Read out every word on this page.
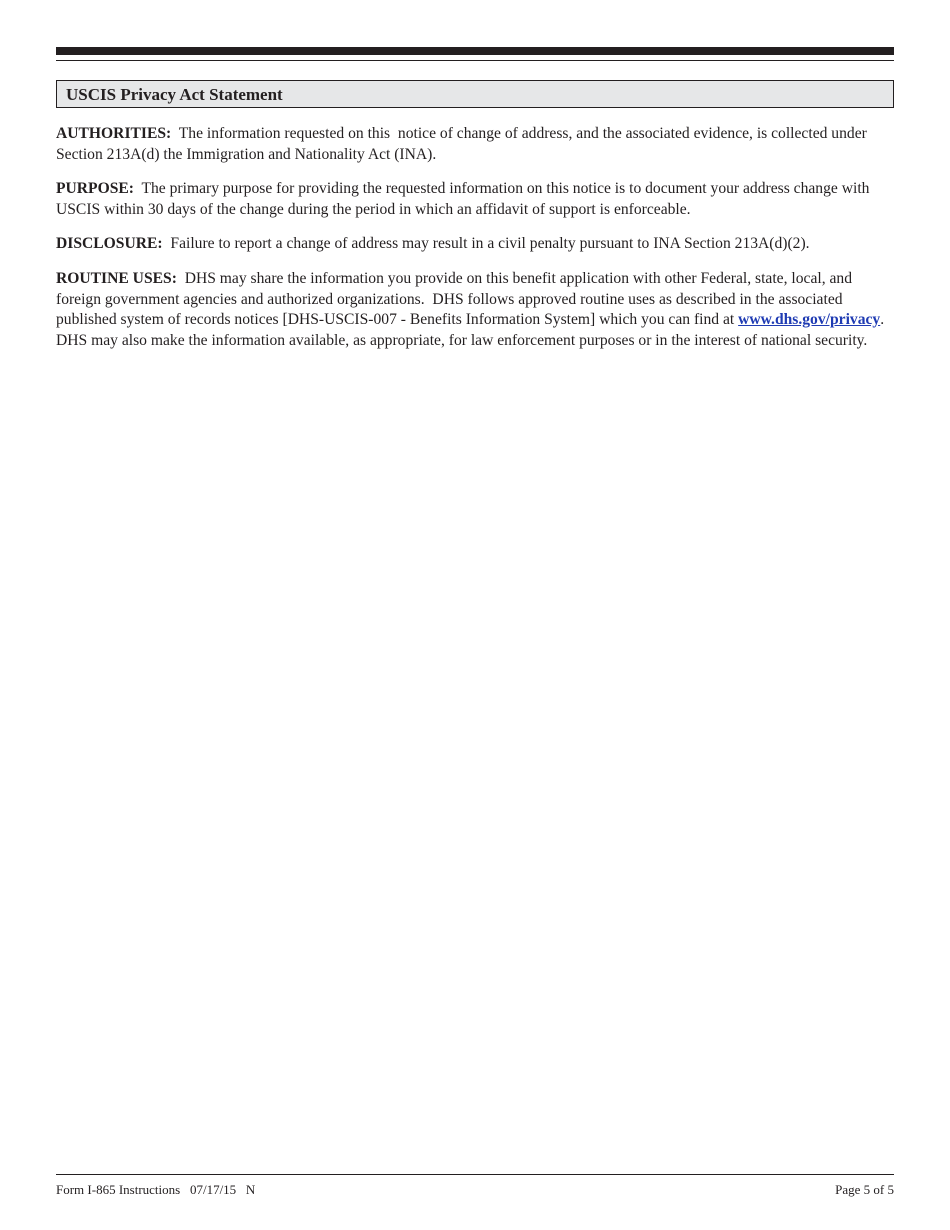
USCIS Privacy Act Statement

AUTHORITIES:  The information requested on this  notice of change of address, and the associated evidence, is collected under Section 213A(d) the Immigration and Nationality Act (INA).

PURPOSE:  The primary purpose for providing the requested information on this notice is to document your address change with USCIS within 30 days of the change during the period in which an affidavit of support is enforceable.

DISCLOSURE:  Failure to report a change of address may result in a civil penalty pursuant to INA Section 213A(d)(2).

ROUTINE USES:  DHS may share the information you provide on this benefit application with other Federal, state, local, and foreign government agencies and authorized organizations.  DHS follows approved routine uses as described in the associated published system of records notices [DHS-USCIS-007 - Benefits Information System] which you can find at www.dhs.gov/privacy.  DHS may also make the information available, as appropriate, for law enforcement purposes or in the interest of national security.

Form I-865 Instructions   07/17/15   N	Page 5 of 5
